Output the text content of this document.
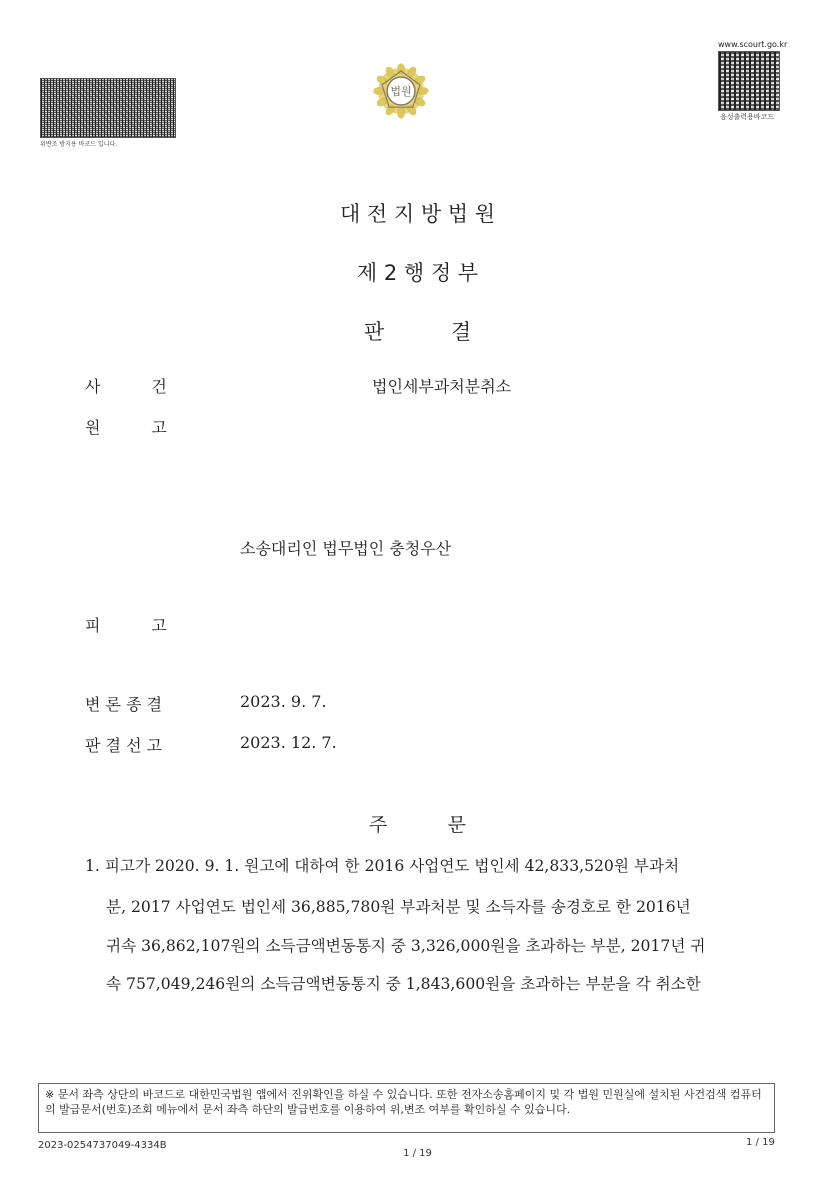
위변조 방지용 바코드 입니다.
법원
www.scourt.go.kr
음성출력용바코드
대 전 지 방 법 원
제 2 행 정 부
판          결
사          건	법인세부과처분취소
원          고
소송대리인 법무법인 충청우산
피          고
변 론 종 결	2023. 9. 7.
판 결 선 고	2023. 12. 7.
주          문
1. 피고가 2020. 9. 1. 원고에 대하여 한 2016 사업연도 법인세 42,833,520원 부과처
분, 2017 사업연도 법인세 36,885,780원 부과처분 및 소득자를 송경호로 한 2016년
귀속 36,862,107원의 소득금액변동통지 중 3,326,000원을 초과하는 부분, 2017년 귀
속 757,049,246원의 소득금액변동통지 중 1,843,600원을 초과하는 부분을 각 취소한
※ 문서 좌측 상단의 바코드로 대한민국법원 앱에서 진위확인을 하실 수 있습니다. 또한 전자소송홈페이지 및 각 법원 민원실에 설치된 사건검색 컴퓨터의 발급문서(번호)조회 메뉴에서 문서 좌측 하단의 발급번호를 이용하여 위,변조 여부를 확인하실 수 있습니다.
2023-0254737049-4334B	1 / 19
1 / 19
